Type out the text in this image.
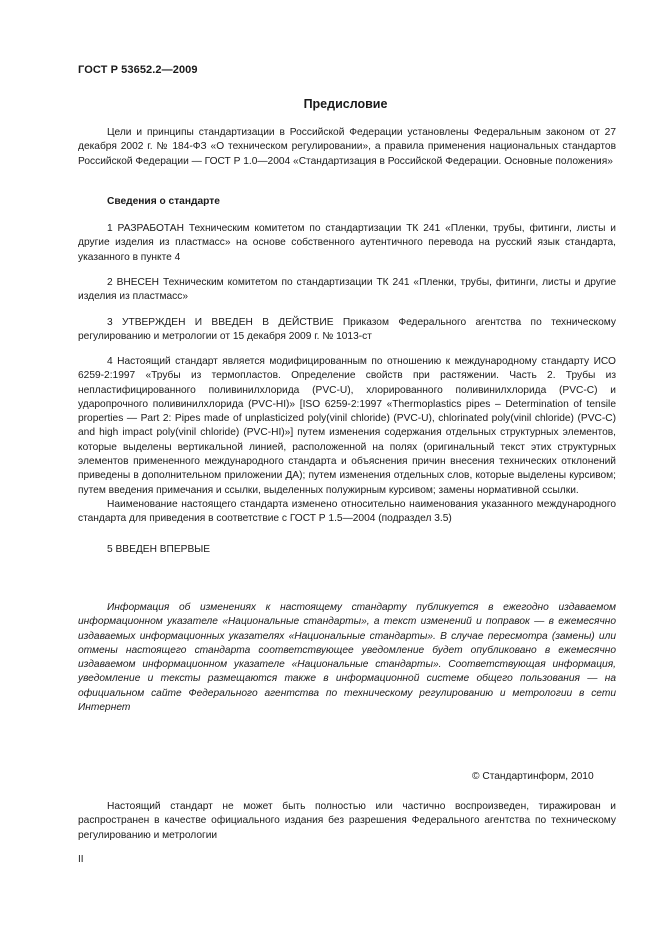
ГОСТ Р 53652.2—2009
Предисловие

Цели и принципы стандартизации в Российской Федерации установлены Федеральным законом от 27 декабря 2002 г. № 184-ФЗ «О техническом регулировании», а правила применения национальных стандартов Российской Федерации — ГОСТ Р 1.0—2004 «Стандартизация в Российской Федерации. Основные положения»

Сведения о стандарте

1 РАЗРАБОТАН Техническим комитетом по стандартизации ТК 241 «Пленки, трубы, фитинги, листы и другие изделия из пластмасс» на основе собственного аутентичного перевода на русский язык стандарта, указанного в пункте 4

2 ВНЕСЕН Техническим комитетом по стандартизации ТК 241 «Пленки, трубы, фитинги, листы и другие изделия из пластмасс»

3 УТВЕРЖДЕН И ВВЕДЕН В ДЕЙСТВИЕ Приказом Федерального агентства по техническому регулированию и метрологии от 15 декабря 2009 г. № 1013-ст

4 Настоящий стандарт является модифицированным по отношению к международному стандарту ИСО 6259-2:1997 «Трубы из термопластов. Определение свойств при растяжении. Часть 2. Трубы из непластифицированного поливинилхлорида (PVC-U), хлорированного поливинилхлорида (PVC-C) и ударопрочного поливинилхлорида (PVC-HI)» [ISO 6259-2:1997 «Thermoplastics pipes – Determination of tensile properties — Part 2: Pipes made of unplasticized poly(vinil chloride) (PVC-U), chlorinated poly(vinil chloride) (PVC-C) and high impact poly(vinil chloride) (PVC-HI)»] путем изменения содержания отдельных структурных элементов, которые выделены вертикальной линией, расположенной на полях (оригинальный текст этих структурных элементов примененного международного стандарта и объяснения причин внесения технических отклонений приведены в дополнительном приложении ДА); путем изменения отдельных слов, которые выделены курсивом; путем введения примечания и ссылки, выделенных полужирным курсивом; замены нормативной ссылки.

Наименование настоящего стандарта изменено относительно наименования указанного международного стандарта для приведения в соответствие с ГОСТ Р 1.5—2004 (подраздел 3.5)

5 ВВЕДЕН ВПЕРВЫЕ

Информация об изменениях к настоящему стандарту публикуется в ежегодно издаваемом информационном указателе «Национальные стандарты», а текст изменений и поправок — в ежемесячно издаваемых информационных указателях «Национальные стандарты». В случае пересмотра (замены) или отмены настоящего стандарта соответствующее уведомление будет опубликовано в ежемесячно издаваемом информационном указателе «Национальные стандарты». Соответствующая информация, уведомление и тексты размещаются также в информационной системе общего пользования — на официальном сайте Федерального агентства по техническому регулированию и метрологии в сети Интернет

© Стандартинформ, 2010

Настоящий стандарт не может быть полностью или частично воспроизведен, тиражирован и распространен в качестве официального издания без разрешения Федерального агентства по техническому регулированию и метрологии

II
